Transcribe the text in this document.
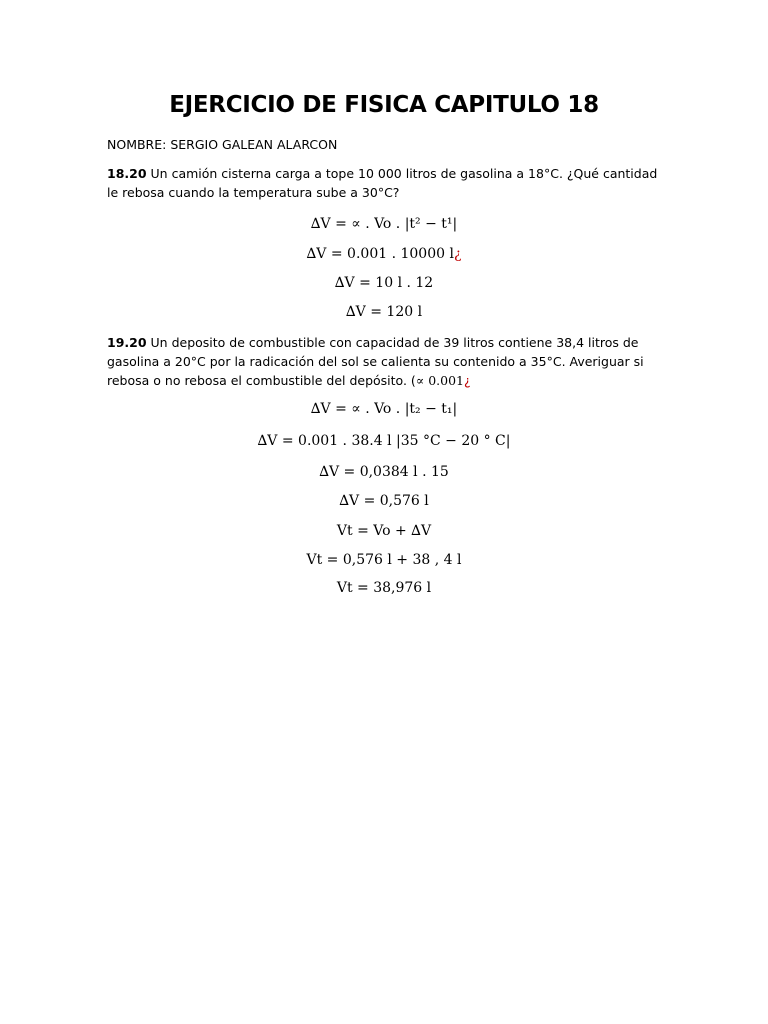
EJERCICIO DE FISICA CAPITULO 18
NOMBRE: SERGIO GALEAN ALARCON
18.20 Un camión cisterna carga a tope 10 000 litros de gasolina a 18°C. ¿Qué cantidad le rebosa cuando la temperatura sube a 30°C?
∆V = ∝ . Vo . |t² − t¹|
∆V = 0.001 . 10000 l¿
∆V = 10 l . 12
∆V = 120 l
19.20 Un deposito de combustible con capacidad de 39 litros contiene 38,4 litros de gasolina a 20°C por la radicación del sol se calienta su contenido a 35°C. Averiguar si rebosa o no rebosa el combustible del depósito. (∝ 0.001¿
∆V = ∝ . Vo . |t₂ − t₁|
∆V = 0.001 . 38.4 l |35 °C − 20 ° C|
∆V = 0,0384 l . 15
∆V = 0,576 l
Vt = Vo + ∆V
Vt = 0,576 l + 38 , 4 l
Vt = 38,976 l
